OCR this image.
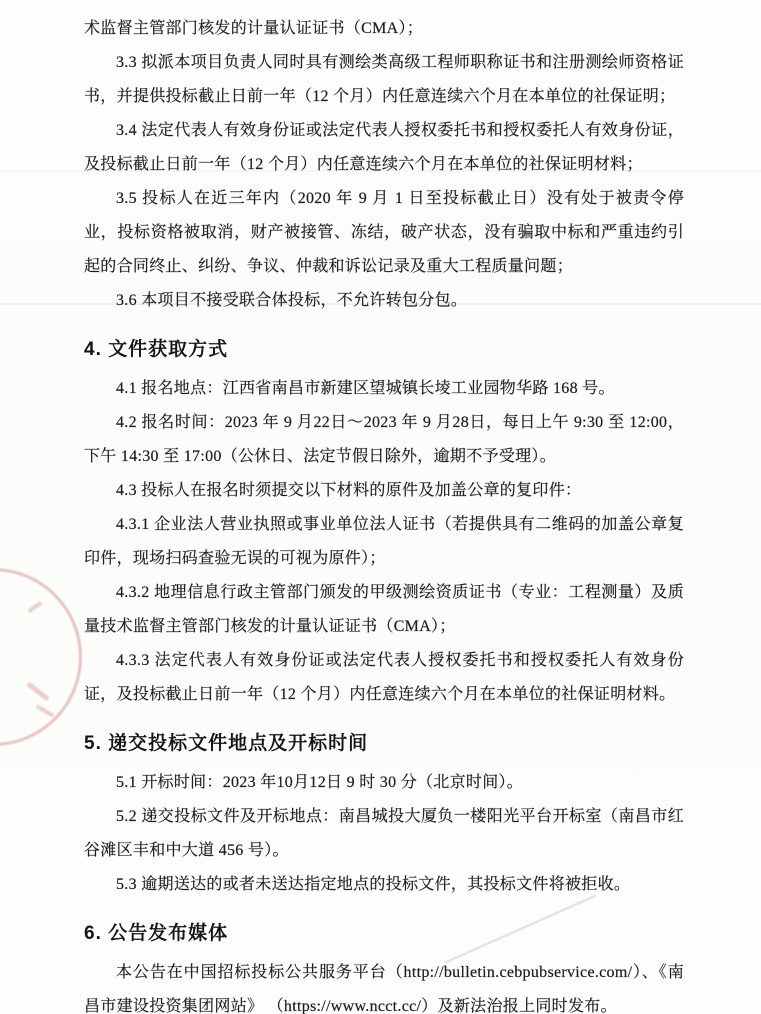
术监督主管部门核发的计量认证证书（CMA）；

3.3 拟派本项目负责人同时具有测绘类高级工程师职称证书和注册测绘师资格证书，并提供投标截止日前一年（12 个月）内任意连续六个月在本单位的社保证明；

3.4 法定代表人有效身份证或法定代表人授权委托书和授权委托人有效身份证，及投标截止日前一年（12 个月）内任意连续六个月在本单位的社保证明材料；

3.5 投标人在近三年内（2020 年 9 月 1 日至投标截止日）没有处于被责令停业，投标资格被取消，财产被接管、冻结，破产状态，没有骗取中标和严重违约引起的合同终止、纠纷、争议、仲裁和诉讼记录及重大工程质量问题；

3.6 本项目不接受联合体投标，不允许转包分包。

4. 文件获取方式

4.1 报名地点：江西省南昌市新建区望城镇长堎工业园物华路 168 号。

4.2 报名时间：2023 年 9 月22日～2023 年 9 月28日，每日上午 9:30 至 12:00，下午 14:30 至 17:00（公休日、法定节假日除外，逾期不予受理）。

4.3 投标人在报名时须提交以下材料的原件及加盖公章的复印件：

4.3.1 企业法人营业执照或事业单位法人证书（若提供具有二维码的加盖公章复印件，现场扫码查验无误的可视为原件）；

4.3.2 地理信息行政主管部门颁发的甲级测绘资质证书（专业：工程测量）及质量技术监督主管部门核发的计量认证证书（CMA）；

4.3.3 法定代表人有效身份证或法定代表人授权委托书和授权委托人有效身份证，及投标截止日前一年（12 个月）内任意连续六个月在本单位的社保证明材料。

5. 递交投标文件地点及开标时间

5.1 开标时间：2023 年10月12日 9 时 30 分（北京时间）。

5.2 递交投标文件及开标地点：南昌城投大厦负一楼阳光平台开标室（南昌市红谷滩区丰和中大道 456 号）。

5.3 逾期送达的或者未送达指定地点的投标文件，其投标文件将被拒收。

6. 公告发布媒体

本公告在中国招标投标公共服务平台（http://bulletin.cebpubservice.com/）、《南昌市建设投资集团网站》 （https://www.ncct.cc/）及新法治报上同时发布。
